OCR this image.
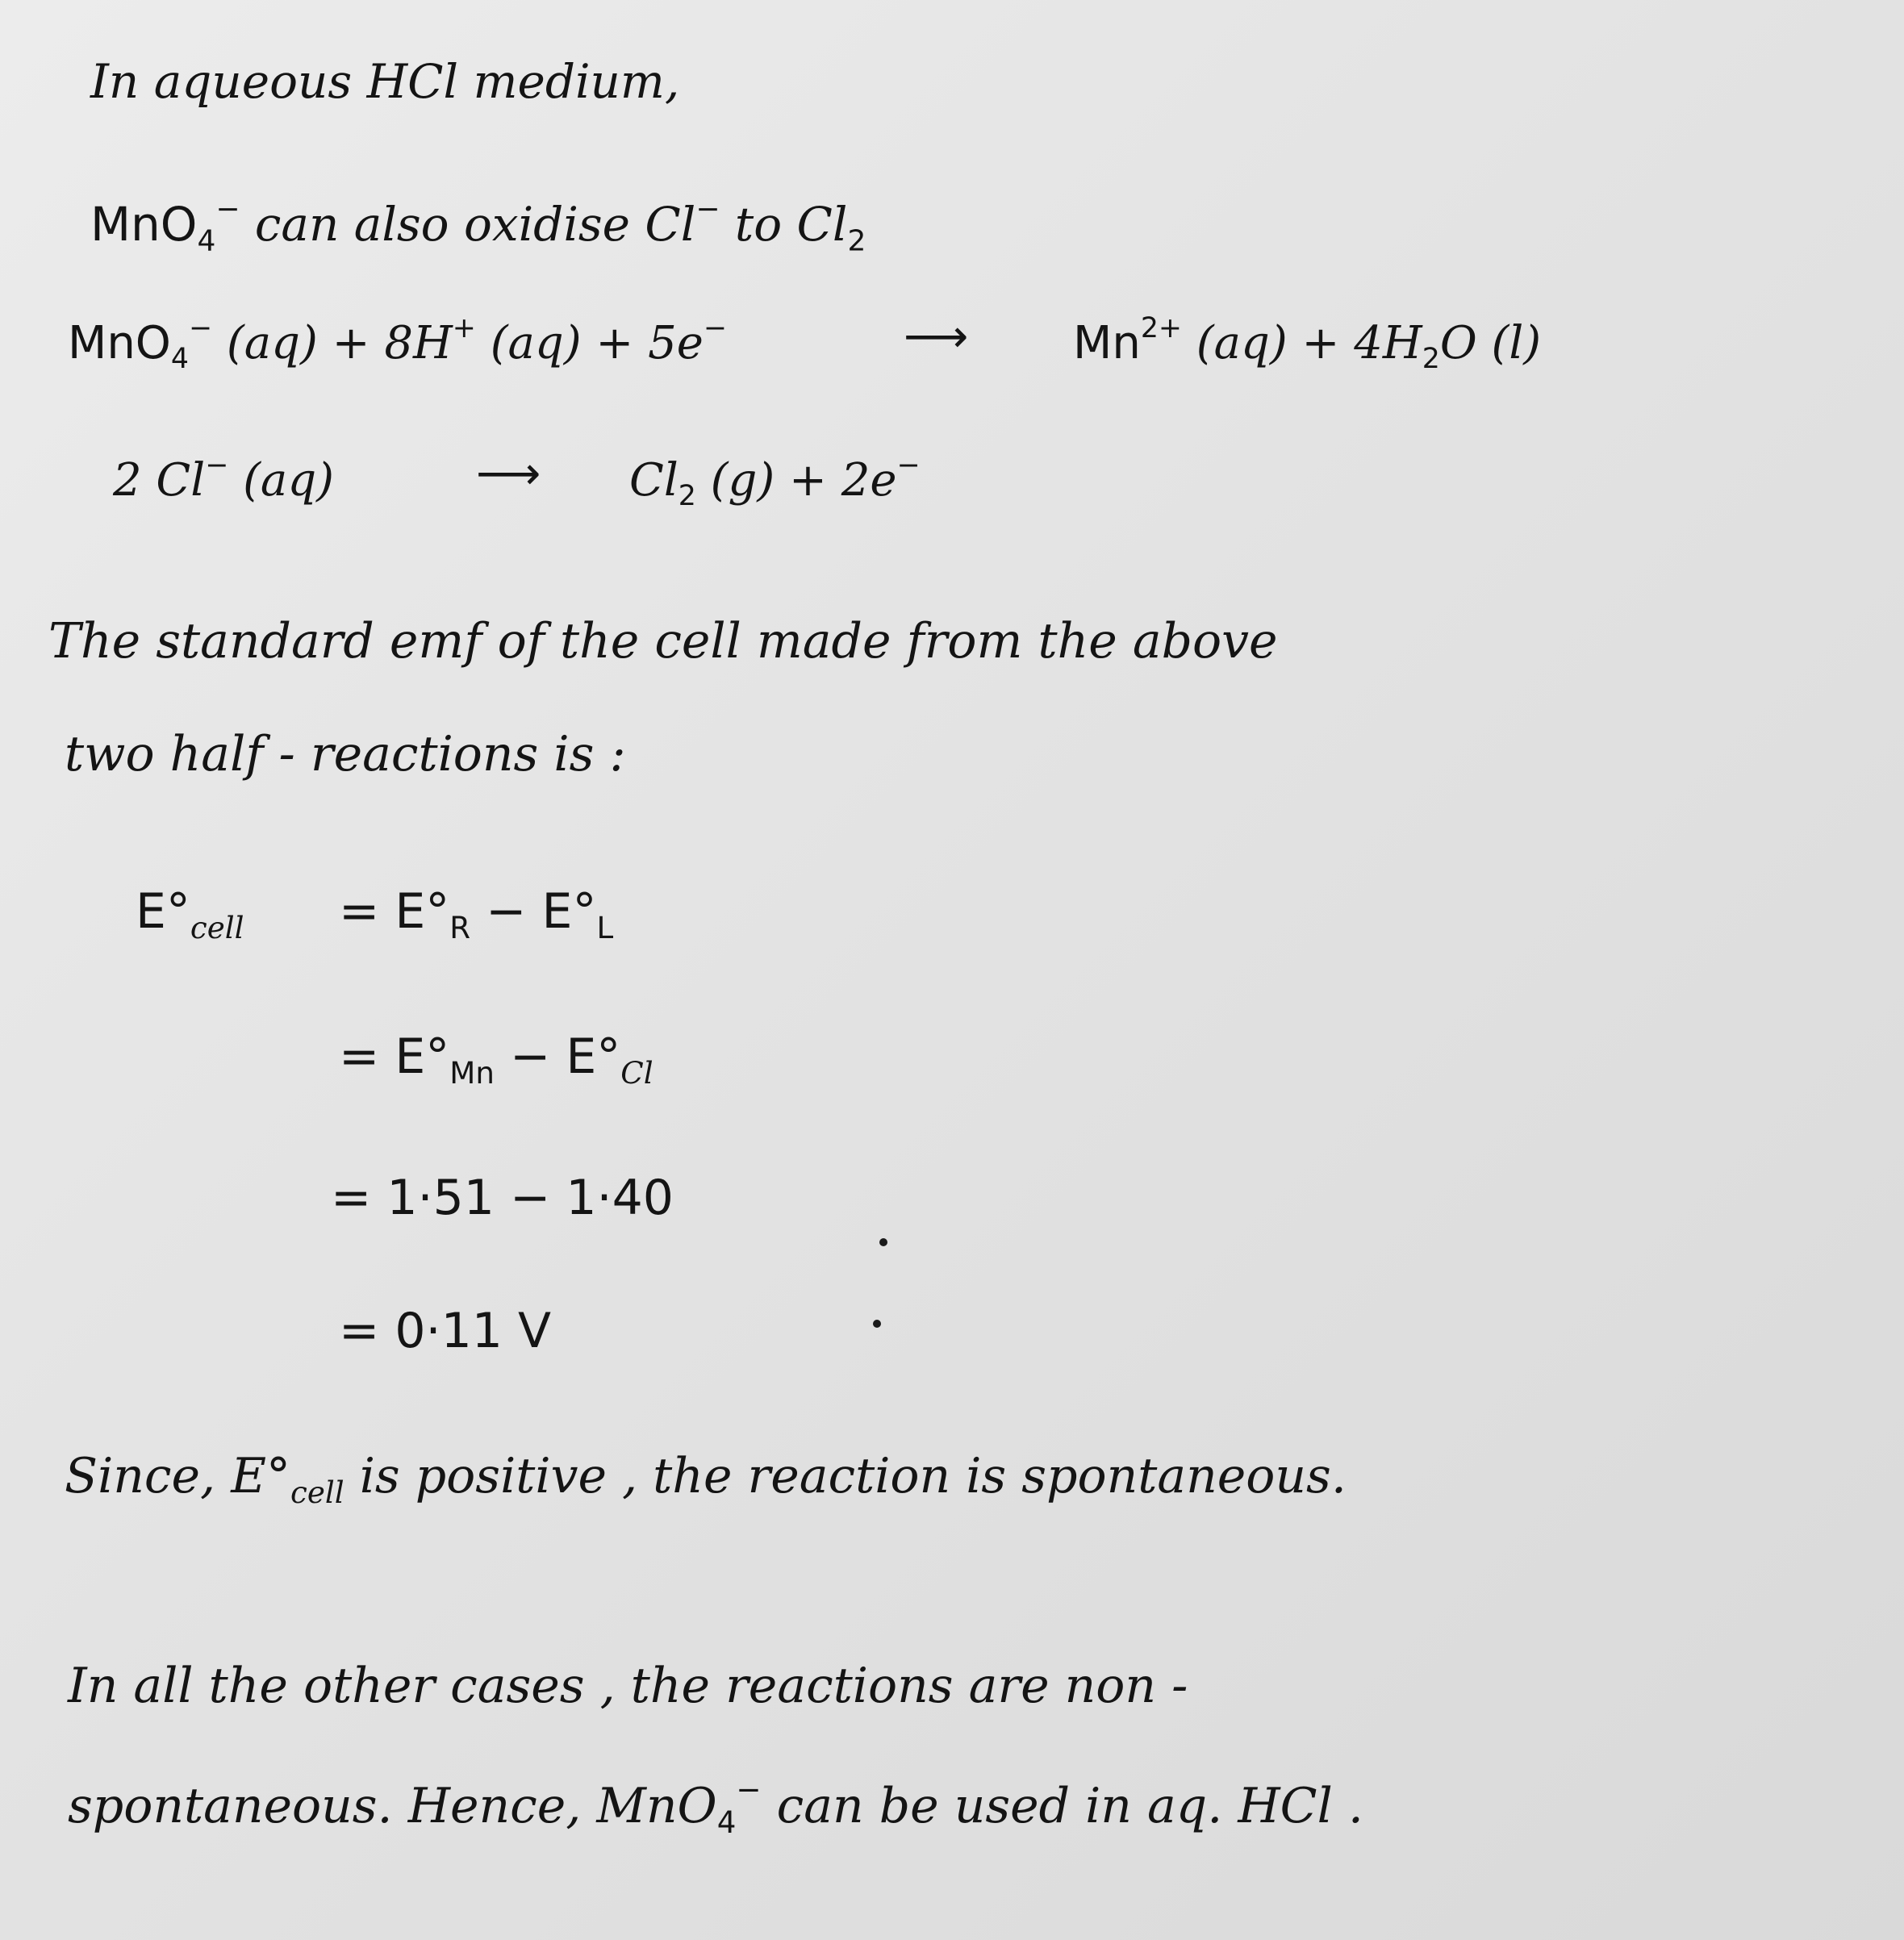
In aqueous HCl medium,
MnO$_4$− can also oxidise Cl− to $Cl_2$
MnO$_4$− (aq) + 8H+ (aq) + 5e−	⟶ $Mn^{2+}$ $(aq) + 4H_2O$ (l)
2 Cl− (aq)	⟶ $Cl_2$ (g) + 2e−
The standard emf of the cell made from the above
two half - reactions is :
$E^\circ_{cell} = E^\circ_R - E^\circ_L$
= $E^\circ_{Mn} - E^\circ_{Cl}$
= 1·51 − 1·40
= 0·11 V
Since, $E^\circ_{cell}$ is positive , the reaction is spontaneous.
In all the other cases , the reactions are non -
spontaneous. Hence, MnO$_4$− can be used in aq. HCl .
